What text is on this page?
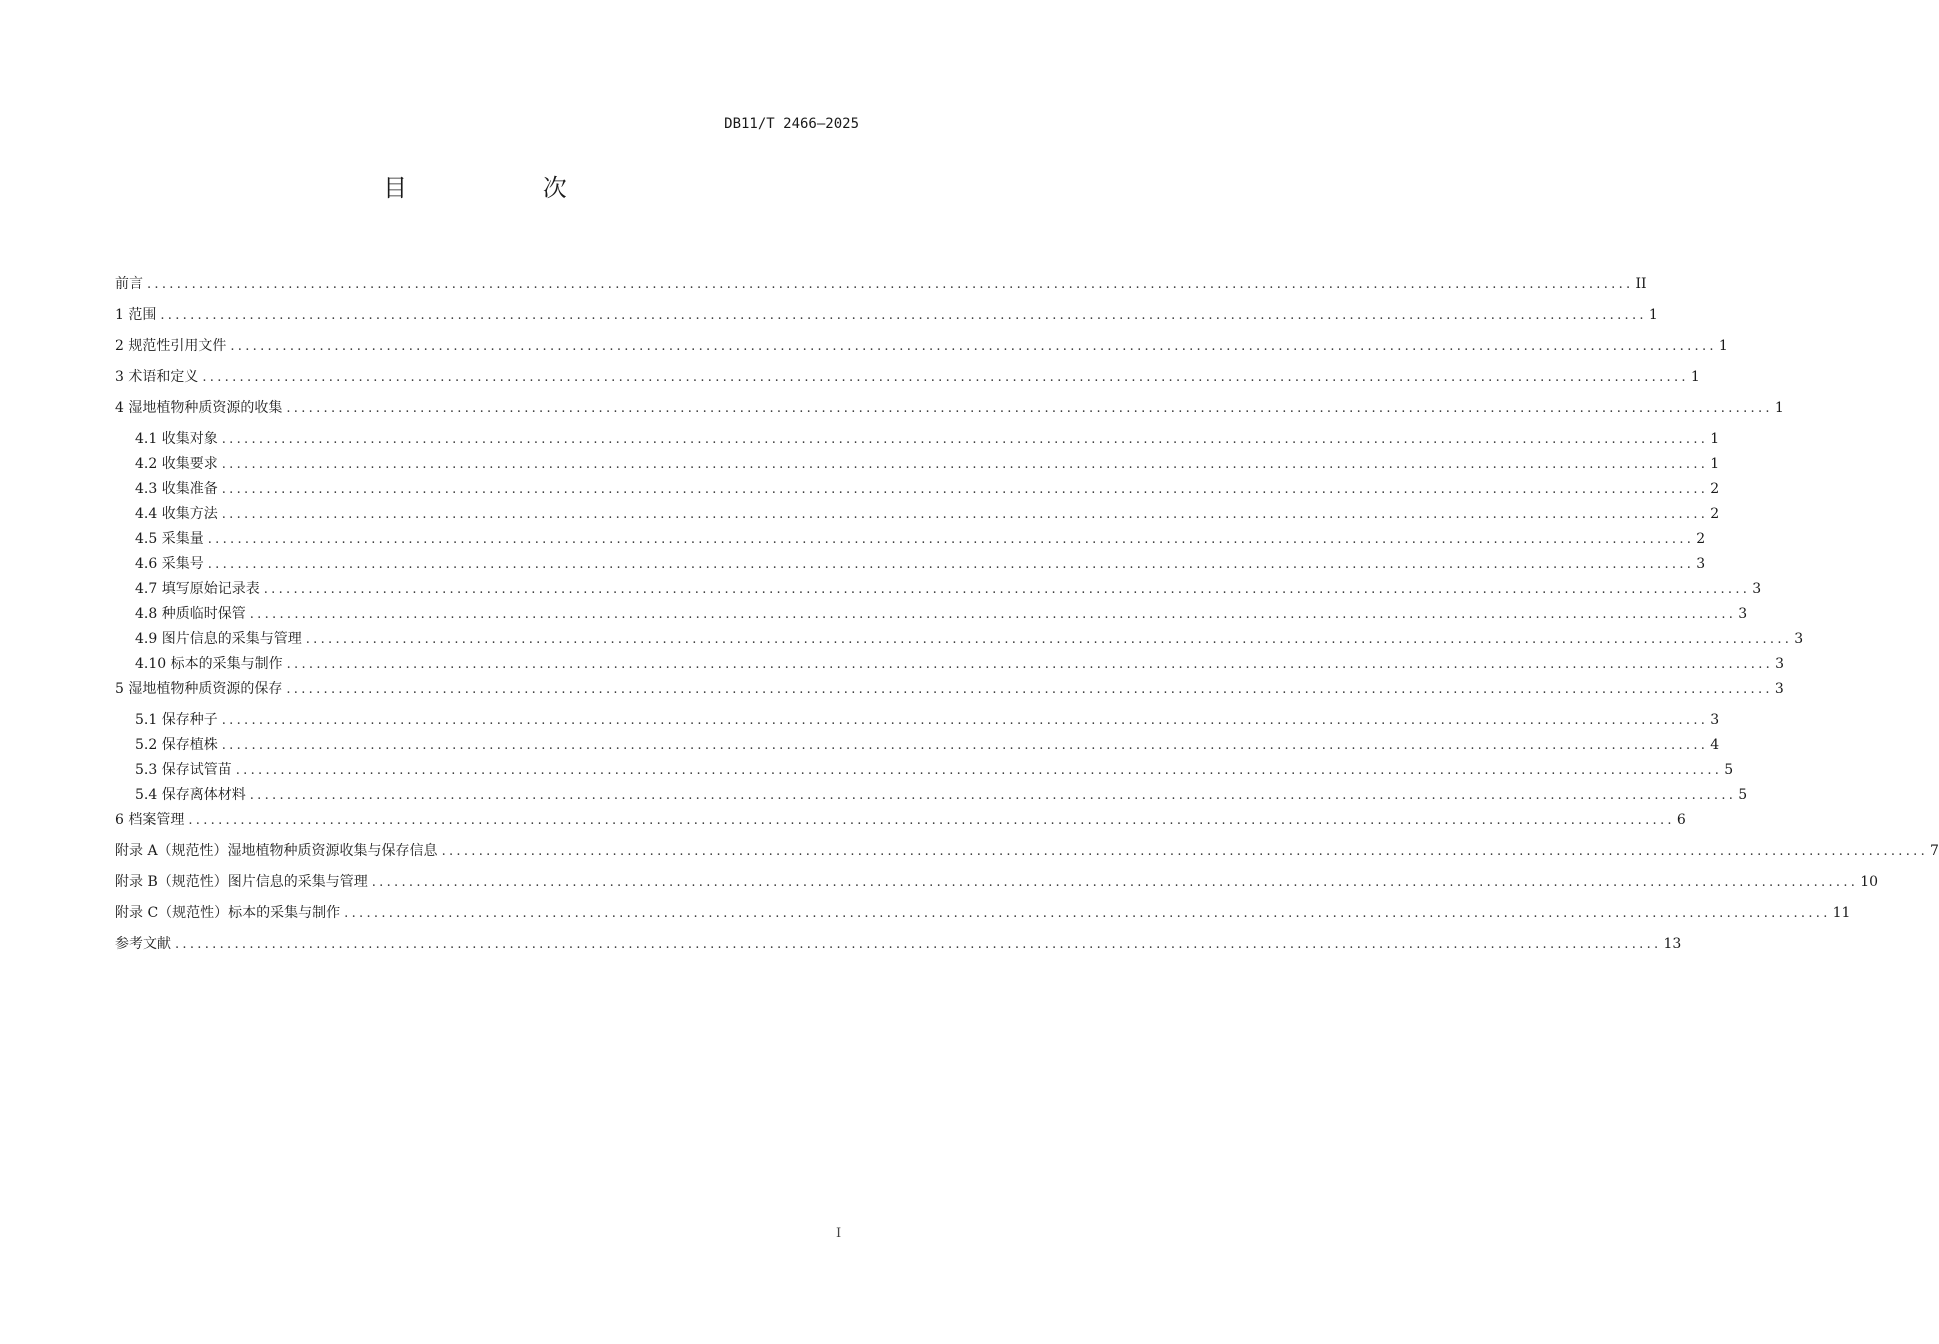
DB11/T 2466—2025
目 次
前言 ........................................................................................................................................................................................................ II
1 范围 ........................................................................................................................................................................................................ 1
2 规范性引用文件 ........................................................................................................................................................................................................ 1
3 术语和定义 ........................................................................................................................................................................................................ 1
4 湿地植物种质资源的收集 ........................................................................................................................................................................................................ 1
4.1 收集对象 ........................................................................................................................................................................................................ 1
4.2 收集要求 ........................................................................................................................................................................................................ 1
4.3 收集准备 ........................................................................................................................................................................................................ 2
4.4 收集方法 ........................................................................................................................................................................................................ 2
4.5 采集量 ........................................................................................................................................................................................................ 2
4.6 采集号 ........................................................................................................................................................................................................ 3
4.7 填写原始记录表 ........................................................................................................................................................................................................ 3
4.8 种质临时保管 ........................................................................................................................................................................................................ 3
4.9 图片信息的采集与管理 ........................................................................................................................................................................................................ 3
4.10 标本的采集与制作 ........................................................................................................................................................................................................ 3
5 湿地植物种质资源的保存 ........................................................................................................................................................................................................ 3
5.1 保存种子 ........................................................................................................................................................................................................ 3
5.2 保存植株 ........................................................................................................................................................................................................ 4
5.3 保存试管苗 ........................................................................................................................................................................................................ 5
5.4 保存离体材料 ........................................................................................................................................................................................................ 5
6 档案管理 ........................................................................................................................................................................................................ 6
附录 A（规范性）湿地植物种质资源收集与保存信息 ........................................................................................................................................................................................................ 7
附录 B（规范性）图片信息的采集与管理 ........................................................................................................................................................................................................ 10
附录 C（规范性）标本的采集与制作 ........................................................................................................................................................................................................ 11
参考文献 ........................................................................................................................................................................................................ 13
I
